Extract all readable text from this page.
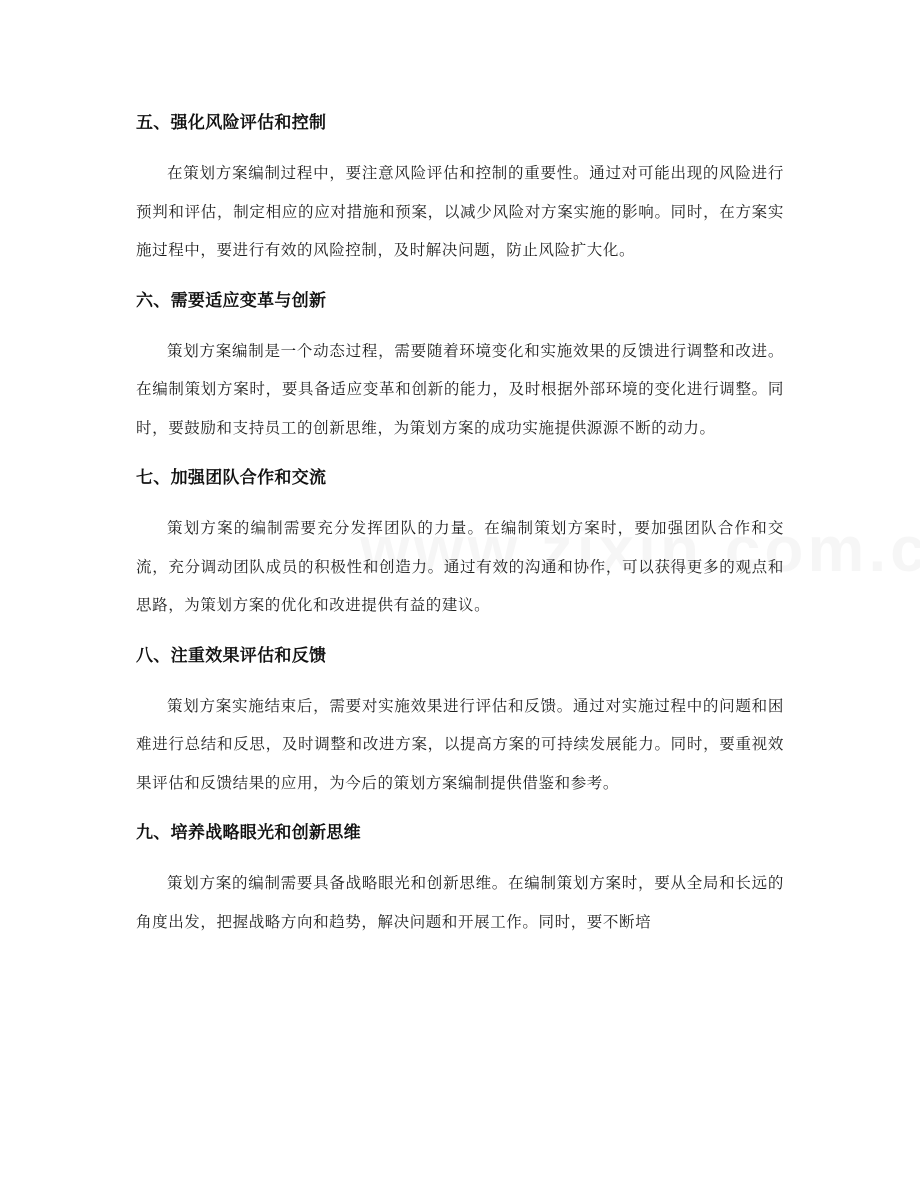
五、强化风险评估和控制

在策划方案编制过程中，要注意风险评估和控制的重要性。通过对可能出现的风险进行预判和评估，制定相应的应对措施和预案，以减少风险对方案实施的影响。同时，在方案实施过程中，要进行有效的风险控制，及时解决问题，防止风险扩大化。

六、需要适应变革与创新

策划方案编制是一个动态过程，需要随着环境变化和实施效果的反馈进行调整和改进。在编制策划方案时，要具备适应变革和创新的能力，及时根据外部环境的变化进行调整。同时，要鼓励和支持员工的创新思维，为策划方案的成功实施提供源源不断的动力。

七、加强团队合作和交流

策划方案的编制需要充分发挥团队的力量。在编制策划方案时，要加强团队合作和交流，充分调动团队成员的积极性和创造力。通过有效的沟通和协作，可以获得更多的观点和思路，为策划方案的优化和改进提供有益的建议。

八、注重效果评估和反馈

策划方案实施结束后，需要对实施效果进行评估和反馈。通过对实施过程中的问题和困难进行总结和反思，及时调整和改进方案，以提高方案的可持续发展能力。同时，要重视效果评估和反馈结果的应用，为今后的策划方案编制提供借鉴和参考。

九、培养战略眼光和创新思维

策划方案的编制需要具备战略眼光和创新思维。在编制策划方案时，要从全局和长远的角度出发，把握战略方向和趋势，解决问题和开展工作。同时，要不断培
